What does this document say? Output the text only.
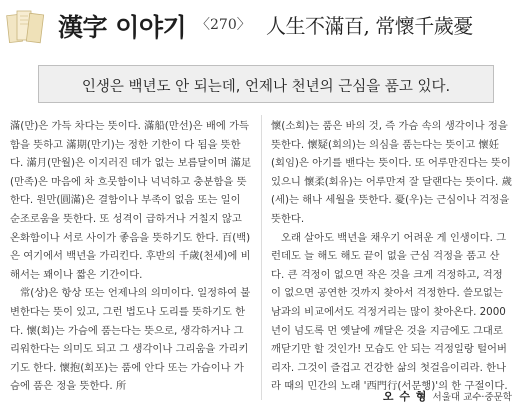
漢字 이야기 〈270〉 人生不滿百, 常懷千歲憂
인생은 백년도 안 되는데, 언제나 천년의 근심을 품고 있다.

滿(만)은 가득 차다는 뜻이다. 滿船(만선)은 배에 가득함을 뜻하고 滿期(만기)는 정한 기한이 다 됨을 뜻한다. 滿月(만월)은 이지러진 데가 없는 보름달이며 滿足(만족)은 마음에 차 흐뭇함이나 넉넉하고 충분함을 뜻한다. 원만(圓滿)은 결함이나 부족이 없음 또는 일이 순조로움을 뜻한다. 또 성격이 급하거나 거칠지 않고 온화함이나 서로 사이가 좋음을 뜻하기도 한다. 百(백)은 여기에서 백년을 가리킨다. 후반의 千歲(천세)에 비해서는 꽤이나 짧은 기간이다.

常(상)은 항상 또는 언제나의 의미이다. 일정하여 불변한다는 뜻이 있고, 그런 법도나 도리를 뜻하기도 한다. 懷(회)는 가슴에 품는다는 뜻으로, 생각하거나 그리워한다는 의미도 되고 그 생각이나 그리움을 가리키기도 한다. 懷抱(회포)는 품에 안다 또는 가슴이나 가슴에 품은 정을 뜻한다. 所

懷(소회)는 품은 바의 것, 즉 가슴 속의 생각이나 정을 뜻한다. 懷疑(회의)는 의심을 품는다는 뜻이고 懷妊(회임)은 아기를 밴다는 뜻이다. 또 어루만진다는 뜻이 있으니 懷柔(회유)는 어루만져 잘 달랜다는 뜻이다. 歲(세)는 해나 세월을 뜻한다. 憂(우)는 근심이나 걱정을 뜻한다.

오래 살아도 백년을 채우기 어려운 게 인생이다. 그런데도 늘 해도 해도 끝이 없을 근심 걱정을 품고 산다. 큰 걱정이 없으면 작은 것을 크게 걱정하고, 걱정이 없으면 공연한 것까지 찾아서 걱정한다. 쓸모없는 남과의 비교에서도 걱정거리는 많이 찾아온다. 2000년이 넘도록 먼 옛날에 깨달은 것을 지금에도 그대로 깨닫기만 할 것인가! 모습도 안 되는 걱정일랑 털어버리자. 그것이 즐겁고 건강한 삶의 첫걸음이리라. 한나라 때의 민간의 노래 '西門行(서문행)'의 한 구절이다.

오 수 형 서울대 교수·중문학
